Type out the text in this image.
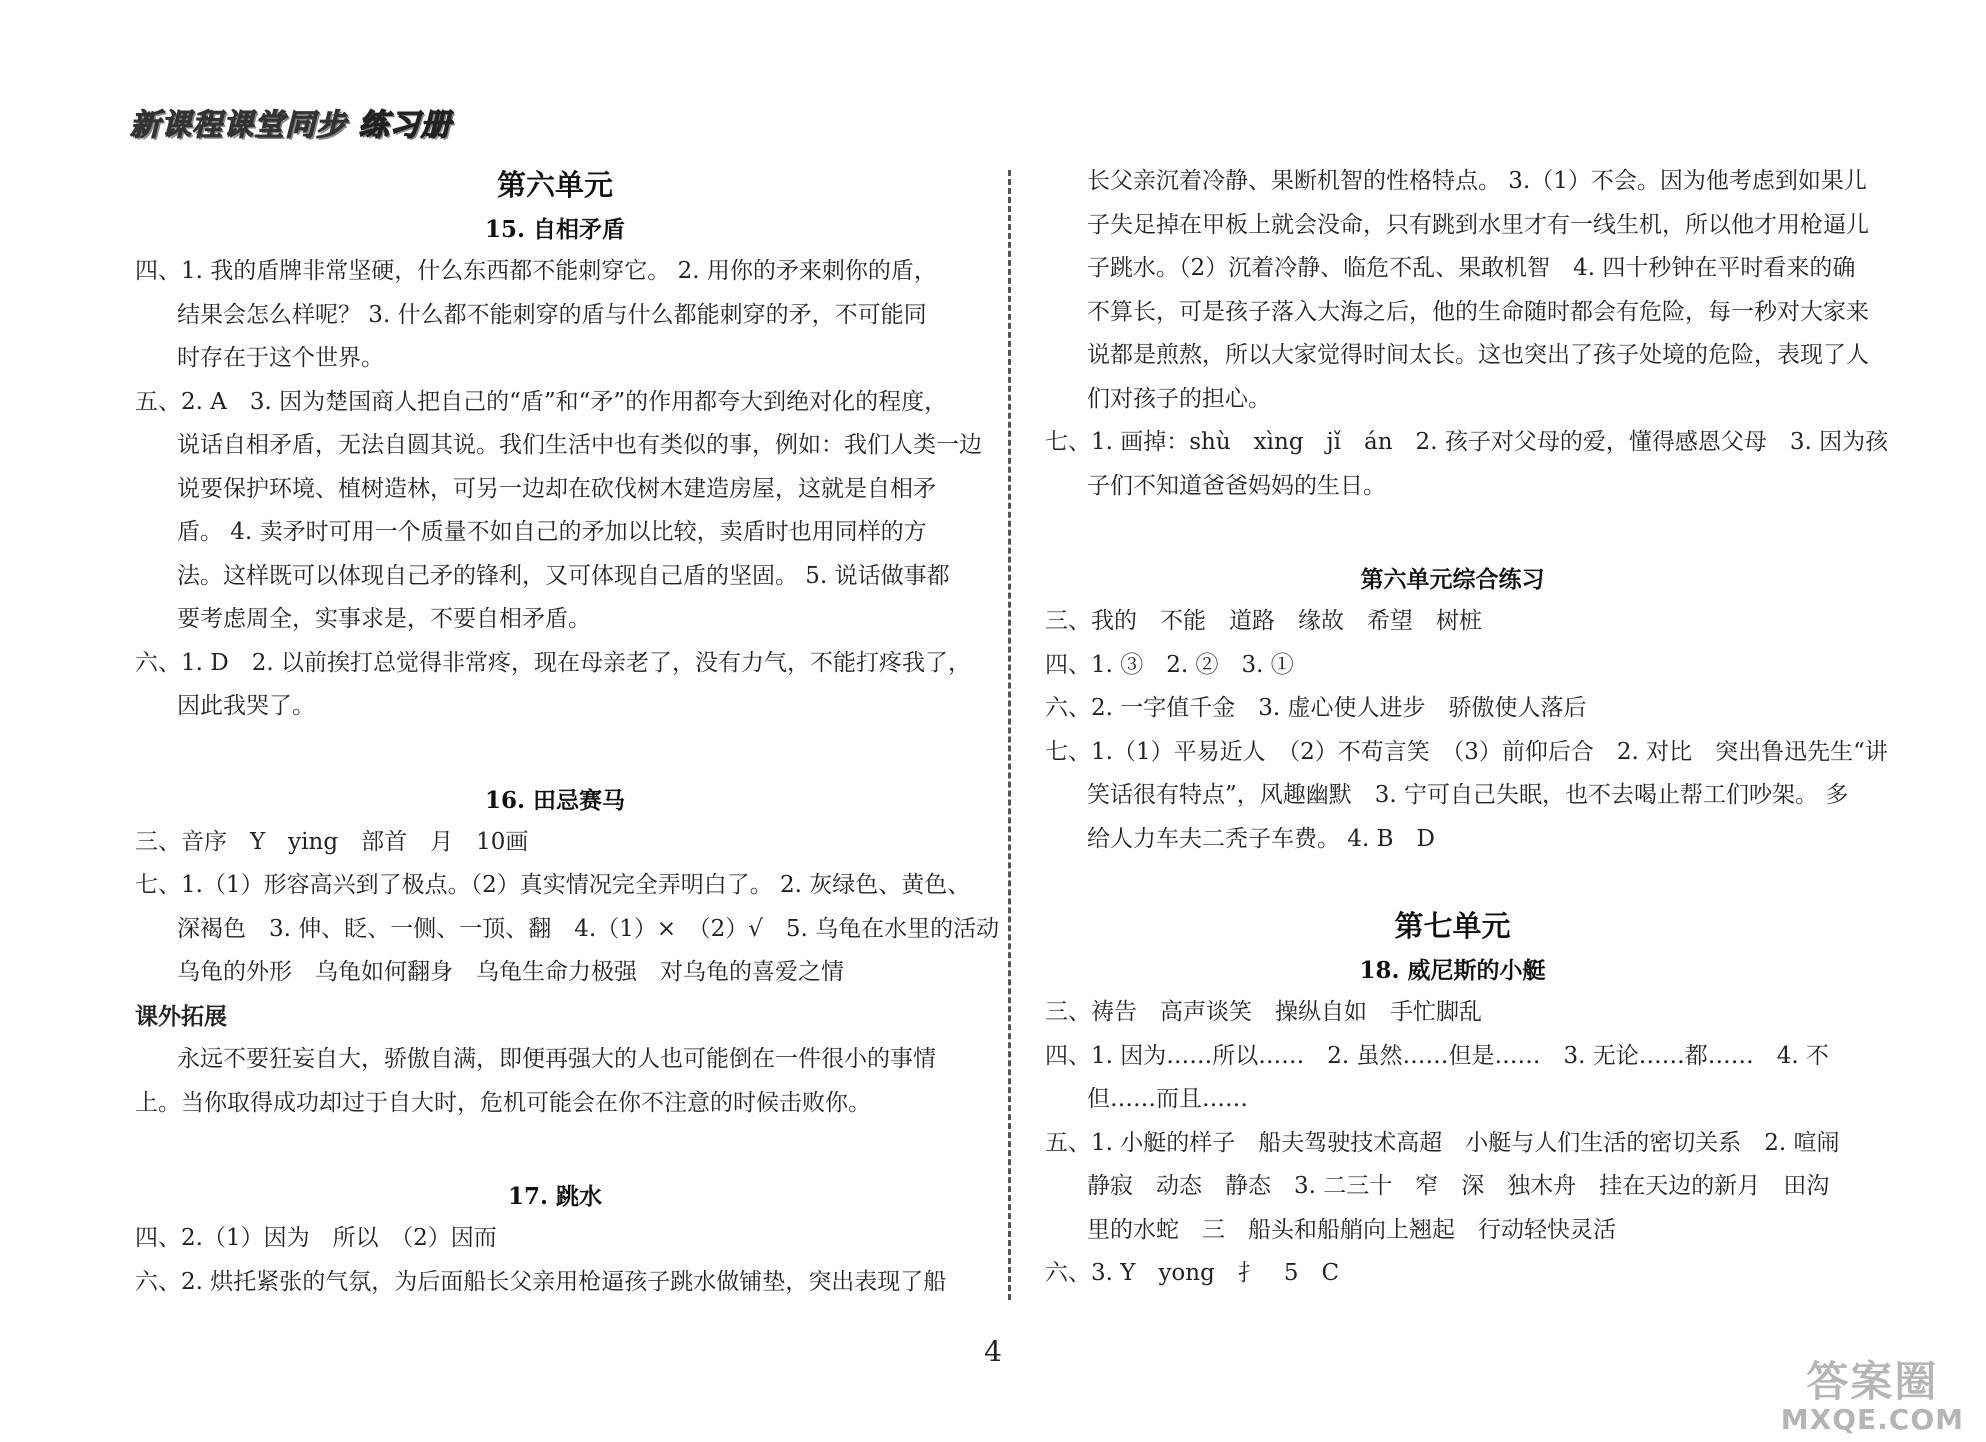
新课程课堂同步 练习册
第六单元
15. 自相矛盾
四、1. 我的盾牌非常坚硬，什么东西都不能刺穿它。 2. 用你的矛来刺你的盾，
结果会怎么样呢？ 3. 什么都不能刺穿的盾与什么都能刺穿的矛，不可能同
时存在于这个世界。
五、2. A　3. 因为楚国商人把自己的“盾”和“矛”的作用都夸大到绝对化的程度，
说话自相矛盾，无法自圆其说。我们生活中也有类似的事，例如：我们人类一边
说要保护环境、植树造林，可另一边却在砍伐树木建造房屋，这就是自相矛
盾。 4. 卖矛时可用一个质量不如自己的矛加以比较，卖盾时也用同样的方
法。这样既可以体现自己矛的锋利，又可体现自己盾的坚固。 5. 说话做事都
要考虑周全，实事求是，不要自相矛盾。
六、1. D　2. 以前挨打总觉得非常疼，现在母亲老了，没有力气，不能打疼我了，
因此我哭了。
16. 田忌赛马
三、音序　Y　ying　部首　月　10画
七、1.（1）形容高兴到了极点。（2）真实情况完全弄明白了。 2. 灰绿色、黄色、
深褐色　3. 伸、眨、一侧、一顶、翻　4.（1）×　（2）√　5. 乌龟在水里的活动
乌龟的外形　乌龟如何翻身　乌龟生命力极强　对乌龟的喜爱之情
课外拓展
永远不要狂妄自大，骄傲自满，即便再强大的人也可能倒在一件很小的事情
上。当你取得成功却过于自大时，危机可能会在你不注意的时候击败你。
17. 跳水
四、2.（1）因为　所以　（2）因而
六、2. 烘托紧张的气氛，为后面船长父亲用枪逼孩子跳水做铺垫，突出表现了船
长父亲沉着冷静、果断机智的性格特点。 3.（1）不会。因为他考虑到如果儿
子失足掉在甲板上就会没命，只有跳到水里才有一线生机，所以他才用枪逼儿
子跳水。（2）沉着冷静、临危不乱、果敢机智　4. 四十秒钟在平时看来的确
不算长，可是孩子落入大海之后，他的生命随时都会有危险，每一秒对大家来
说都是煎熬，所以大家觉得时间太长。这也突出了孩子处境的危险，表现了人
们对孩子的担心。
七、1. 画掉：shù　xìng　jǐ　án　2. 孩子对父母的爱，懂得感恩父母　3. 因为孩
子们不知道爸爸妈妈的生日。
第六单元综合练习
三、我的　不能　道路　缘故　希望　树桩
四、1. ③　2. ②　3. ①
六、2. 一字值千金　3. 虚心使人进步　骄傲使人落后
七、1.（1）平易近人　（2）不苟言笑　（3）前仰后合　2. 对比　突出鲁迅先生“讲
笑话很有特点”，风趣幽默　3. 宁可自己失眠，也不去喝止帮工们吵架。 多
给人力车夫二秃子车费。 4. B　D
第七单元
18. 威尼斯的小艇
三、祷告　高声谈笑　操纵自如　手忙脚乱
四、1. 因为……所以……　2. 虽然……但是……　3. 无论……都……　4. 不
但……而且……
五、1. 小艇的样子　船夫驾驶技术高超　小艇与人们生活的密切关系　2. 喧闹
静寂　动态　静态　3. 二三十　窄　深　独木舟　挂在天边的新月　田沟
里的水蛇　三　船头和船艄向上翘起　行动轻快灵活
六、3. Y　yong　扌　5　C
4
答案圈
MXQE.COM
